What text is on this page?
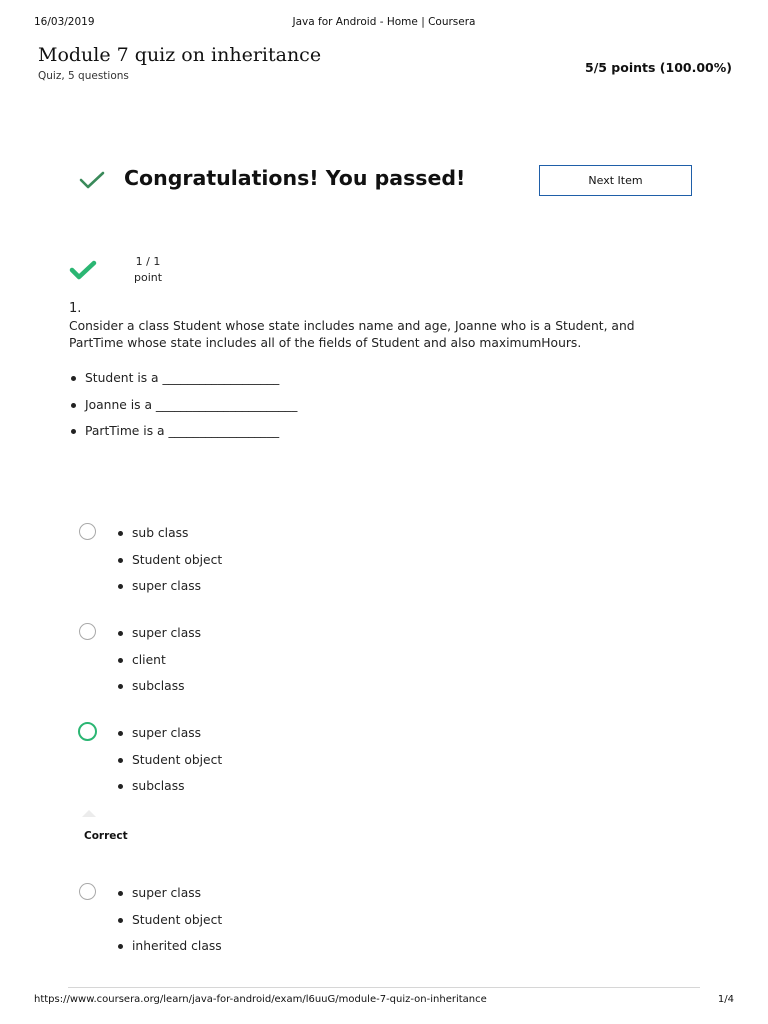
16/03/2019	Java for Android - Home | Coursera
Module 7 quiz on inheritance
Quiz, 5 questions
5/5 points (100.00%)
Congratulations! You passed!	Next Item
1 / 1
point
1.
Consider a class Student whose state includes name and age, Joanne who is a Student, and PartTime whose state includes all of the fields of Student and also maximumHours.
Student is a ___________________
Joanne is a _______________________
PartTime is a __________________
sub class
Student object
super class
super class
client
subclass
super class
Student object
subclass
Correct
super class
Student object
inherited class
https://www.coursera.org/learn/java-for-android/exam/l6uuG/module-7-quiz-on-inheritance	1/4
